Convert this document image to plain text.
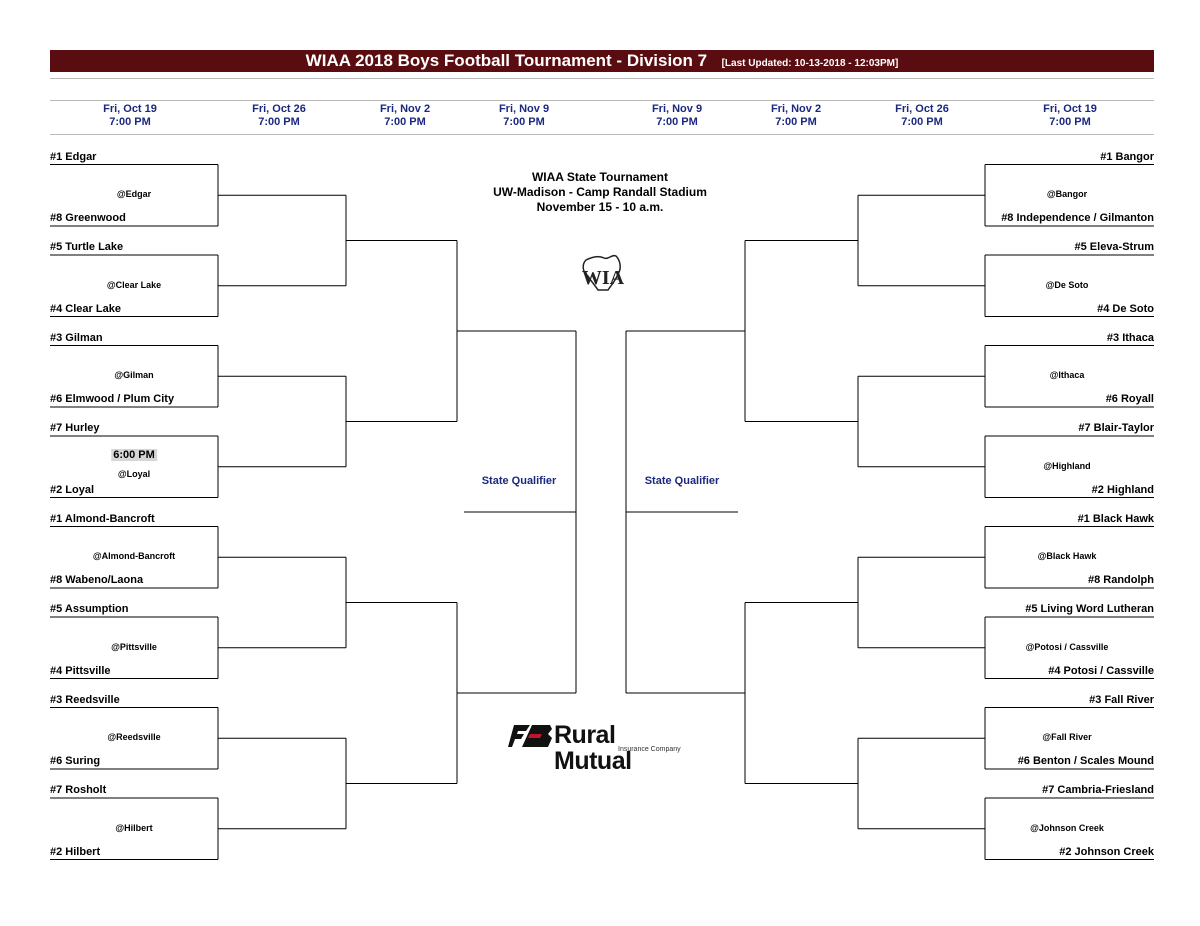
WIAA 2018 Boys Football Tournament - Division 7 [Last Updated: 10-13-2018 - 12:03PM]
Fri, Oct 19
7:00 PM
Fri, Oct 26
7:00 PM
Fri, Nov 2
7:00 PM
Fri, Nov 9
7:00 PM
Fri, Nov 9
7:00 PM
Fri, Nov 2
7:00 PM
Fri, Oct 26
7:00 PM
Fri, Oct 19
7:00 PM
#1 Edgar
#8 Greenwood
@Edgar
#1 Bangor
#8 Independence / Gilmanton
@Bangor
#5 Turtle Lake
#4 Clear Lake
@Clear Lake
#5 Eleva-Strum
#4 De Soto
@De Soto
#3 Gilman
#6 Elmwood / Plum City
@Gilman
#3 Ithaca
#6 Royall
@Ithaca
#7 Hurley
#2 Loyal
@Loyal
6:00 PM
#7 Blair-Taylor
#2 Highland
@Highland
#1 Almond-Bancroft
#8 Wabeno/Laona
@Almond-Bancroft
#1 Black Hawk
#8 Randolph
@Black Hawk
#5 Assumption
#4 Pittsville
@Pittsville
#5 Living Word Lutheran
#4 Potosi / Cassville
@Potosi / Cassville
#3 Reedsville
#6 Suring
@Reedsville
#3 Fall River
#6 Benton / Scales Mound
@Fall River
#7 Rosholt
#2 Hilbert
@Hilbert
#7 Cambria-Friesland
#2 Johnson Creek
@Johnson Creek
WIAA State Tournament
UW-Madison - Camp Randall Stadium
November 15 - 10 a.m.
WIA
State Qualifier	State Qualifier
Rural Mutual
Insurance Company
